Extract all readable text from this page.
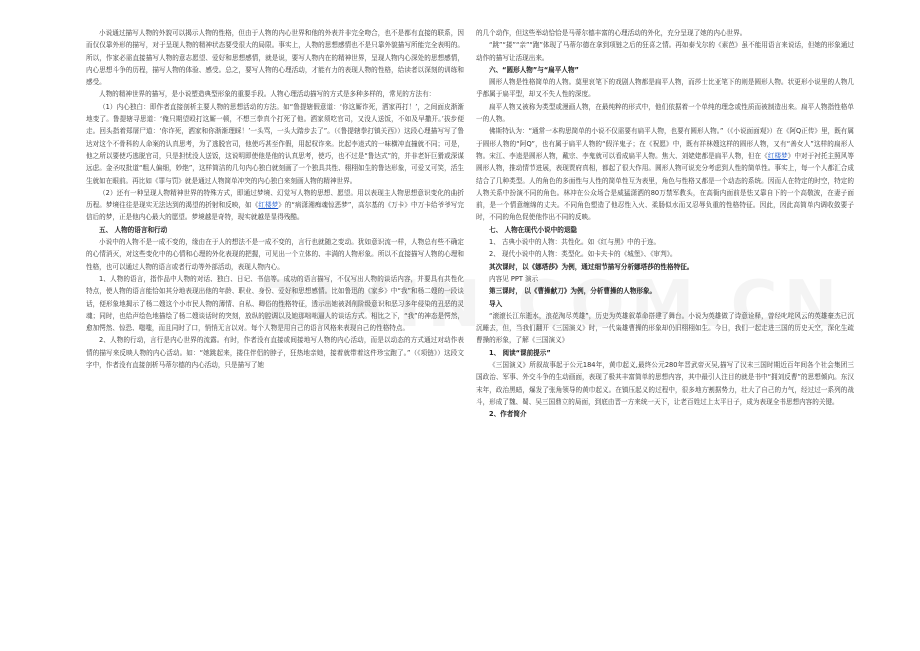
小说通过描写人物的外貌可以揭示人物的性格，但由于人物的内心世界和他的外表并非完全吻合，也不是都有直接的联系，因而仅仅靠外形的描写，对于呈现人物的精神状态要受很大的局限。事实上，人物的思想感情也不是只靠外貌描写所能完全表明的。所以，作家必需直接描写人物的意志愿望、爱好和思想感情，就是说，要写人物内在的精神世界，呈现人物内心深处的思想感情，内心思想斗争的历程，描写人物的体验、感受。总之，要写人物的心理活动，才能有力的表现人物的性格，给读者以深刻的训练和感受。

人物的精神世界的描写，是小说塑造典型形象的重要手段。人物心理活动描写的方式是多种多样的，常见的方法有：

（1）内心独白：即作者直接剖析主要人物的思想活动的方法。如“鲁提辖假意道：‘你这厮诈死，洒家再打！’，之间面皮渐渐地变了。鲁提辖寻思道：‘俺只期望殴打这厮一顿，不想三拳真个打死了他。洒家须吃官司，又没人送饭，不如及早撒开。’拔步便走。回头指着郑屠尸道：‘你诈死，洒家和你渐渐理睬！’一头骂，一头大踏步去了”。（《鲁提辖拳打镇关西》）这段心理描写写了鲁达对这个不骨科的人命案的认真思考，为了逃脱官司，他使巧甚至作假，用起权诈来。比起李逵式的一味横冲直撞就不同；可是，他之所以要使巧逃脱官司，只是担忧没人送饭，这说明即使他是他的认真思考，使巧，也不过是“鲁达式”的，并非老奸巨猾或深谋远虑。金圣叹批道“粗人偏细，妙绝”，这样简洁的几句内心独白就刻画了一个独具共性、栩栩如生的鲁达形象，可爱又可笑，活生生就如在眼前。再比如《罪与罚》就是通过人物简单冲突的内心独白来刻画人物的精神世界。

（2）还有一种呈现人物精神世界的特殊方式，即通过梦境、幻觉写人物的思想、愿望。用以表现主人物思想意识变化的曲折历程。梦境往往是现实无法达到的渴望的折射和反映，如《红楼梦》的“病潇湘痴魂惊恶梦”，高尔基的《万卡》中万卡给爷爷写完信后的梦，正是他内心最大的愿望。梦境越是奇特，现实就越是显得残酷。

五、 人物的语言和行动

小说中的人物不是一成不变的，缘由在于人的想法不是一成不变的，言行也就随之变动。犹如意识流一样，人物总有些不确定的心情消灭，对这些变化中的心情和心理的外化表现的把握，可见出一个立体的、丰满的人物形象。所以不直接描写人物的心理和性格，也可以通过人物的语言或者行动等外部活动，表现人物内心。

1、人物的语言，指作品中人物的对话、独白、日记、书信等。成功的语言描写，不仅写出人物的谈话内容，并要具有共性化特点，使人物的语言能恰如其分地表现出他的年龄、职业、身份、爱好和思想感情。比如鲁迅的《家乡》中“我”和杨二嫂的一段谈话，便形象地揭示了杨二嫂这个小市民人物的薄情、自私、卿俗的性格特征，透示出她被剥削阶级意识和恶习多年侵染的丑恶的灵魂；同时，也给声绘色地描绘了杨二嫂谈话时的突刻，放纵的腔调以及她那咄咄逼人的谈话方式。相比之下，“我”的神态是愕然，愈加愕然、惊恐、嗤嗤，而且同时了口，悄悄无言以对。每个人物是用自己的语言风格来表现自己的性格特点。

2、人物的行动，言行是内心世界的流露。有时，作者没有直接或间接地写人物的内心活动，而是以动态的方式通过对动作表情的描写来反映人物的内心活动。如：“她跳起来，搂住伴侣的脖子，狂热地亲她，接着就带着这件珍宝跑了。”（《项链》）这段文字中，作者没有直接剖析马蒂尔德的内心活动，只是描写了她

的几个动作，但这些举动恰恰是马蒂尔德丰富的心理活动的外化，充分呈现了她的内心世界。

“跳”“搂”“亲”“跑”体现了马蒂尔德在拿到项链之后的狂喜之情。再如泰戈尔的《素芭》虽不能用语言来说话，但她的形象通过动作的描写让活现出来。

六、“圆形人物”与“扁平人物”

圆形人物是性格简单的人物。莫里哀笔下的戏剧人物都是扁平人物，而莎士比亚笔下的则是圆形人物。状更形小说里的人物几乎都属于扁平型，却又不失人性的深度。

扁平人物又被称为类型或漫画人物，在最纯粹的形式中，他们依据着一个单纯的理念或性质而被制造出来。扁平人物指性格单一的人物。

佛斯特认为：“通常一本构思简单的小说不仅需要有扁平人物，也要有圆形人物。”（《小说面面观》）在《阿Q正传》里，既有属于圆形人物的“阿Q”，也有属于扁平人物的“假洋鬼子；在《祝愿》中，既有祥林嫂这样的圆形人物，又有“善女人”这样的扁形人物。宋江、李逵是圆形人物，戴宗、李鬼就可以看成扁平人物。焦大、刘姥姥都是扁平人物，但在《红楼梦》中对于衬托主照风等圆形人物，推动情节进展，表现贾府真相，都起了很大作用。圆形人物可说充分考虑到人性的简单性。事实上，每一个人都汇合成结合了几种类型。人的角色的多面性与人性的简单性互为表里，角色与性格又都是一个动态的系统。因而人在特定的时空，特定的人物关系中扮演不同的角色。林冲在公众场合是威猛潇洒的80万禁军教头，在高衙内面前是怯又靠自下的一个高敬波，在妻子面前，是一个情意缠绵的丈夫。不同角色塑造了他忍性入火、柔肠似水而又忍辱负重的性格特征。因此，因此高简单内调收敛要子时，不同的角色促使他作出不同的反映。

七、 人物在现代小说中的退隐

1、 古典小说中的人物：共性化。如《红与黑》中的于连。

2、 现代小说中的人物：类型化。如卡夫卡的《城堡》、《审判》。

其次课时，以《娜塔莎》为例，通过细节描写分析娜塔莎的性格特征。

内容见 PPT 演示

第三课时， 以《曹操献刀》为例，分析曹操的人物形象。

导入

“滚滚长江东逝水，浪花淘尽英雄”，历史为英雄叙革命搭建了舞台。小说为英雄做了诗意诠释，曾经叱咤风云的英雄豪杰已沉沉睡去，但，当我们翻开《三国演义》时，一代枭雄曹操的形象却仍旧栩栩如生。今日，我们一起走进三国的历史天空，深化生疏曹操的形象，了解《三国演义》

1、 阅读“课前提示”

《三国演义》所叙故事起于公元184年，黄巾起义,最终公元280年晋武帝灭吴,描写了汉末三国时期近百年间各个社会集团三国政治、军事、外交斗争的生动画面，表现了极其丰富简单的思想内容，其中最引人注目的就是书中“拥刘反曹”的思想倾向。东汉末年，政治黑暗，爆发了张角领导的黄巾起义。在镇压起义的过程中，很多地方割据势力，壮大了自己的力气，经过过一系列的战斗，形成了魏、蜀、吴三国鼎立的局面，到底由晋一方来统一天下，让老百姓过上太平日子，成为表现全书思想内容的关键。

2、作者简介
